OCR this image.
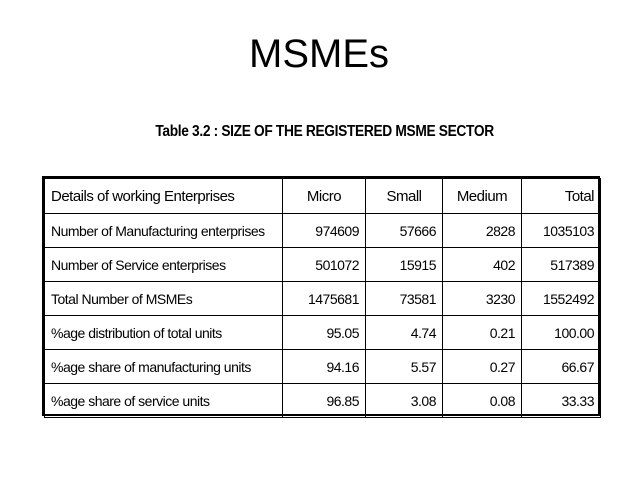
MSMEs
Table 3.2 : SIZE OF THE REGISTERED MSME SECTOR
Details of working Enterprises	Micro	Small	Medium	Total
Number of Manufacturing enterprises	974609	57666	2828	1035103
Number of Service enterprises	501072	15915	402	517389
Total Number of MSMEs	1475681	73581	3230	1552492
%age distribution of total units	95.05	4.74	0.21	100.00
%age share of manufacturing units	94.16	5.57	0.27	66.67
%age share of service units	96.85	3.08	0.08	33.33
